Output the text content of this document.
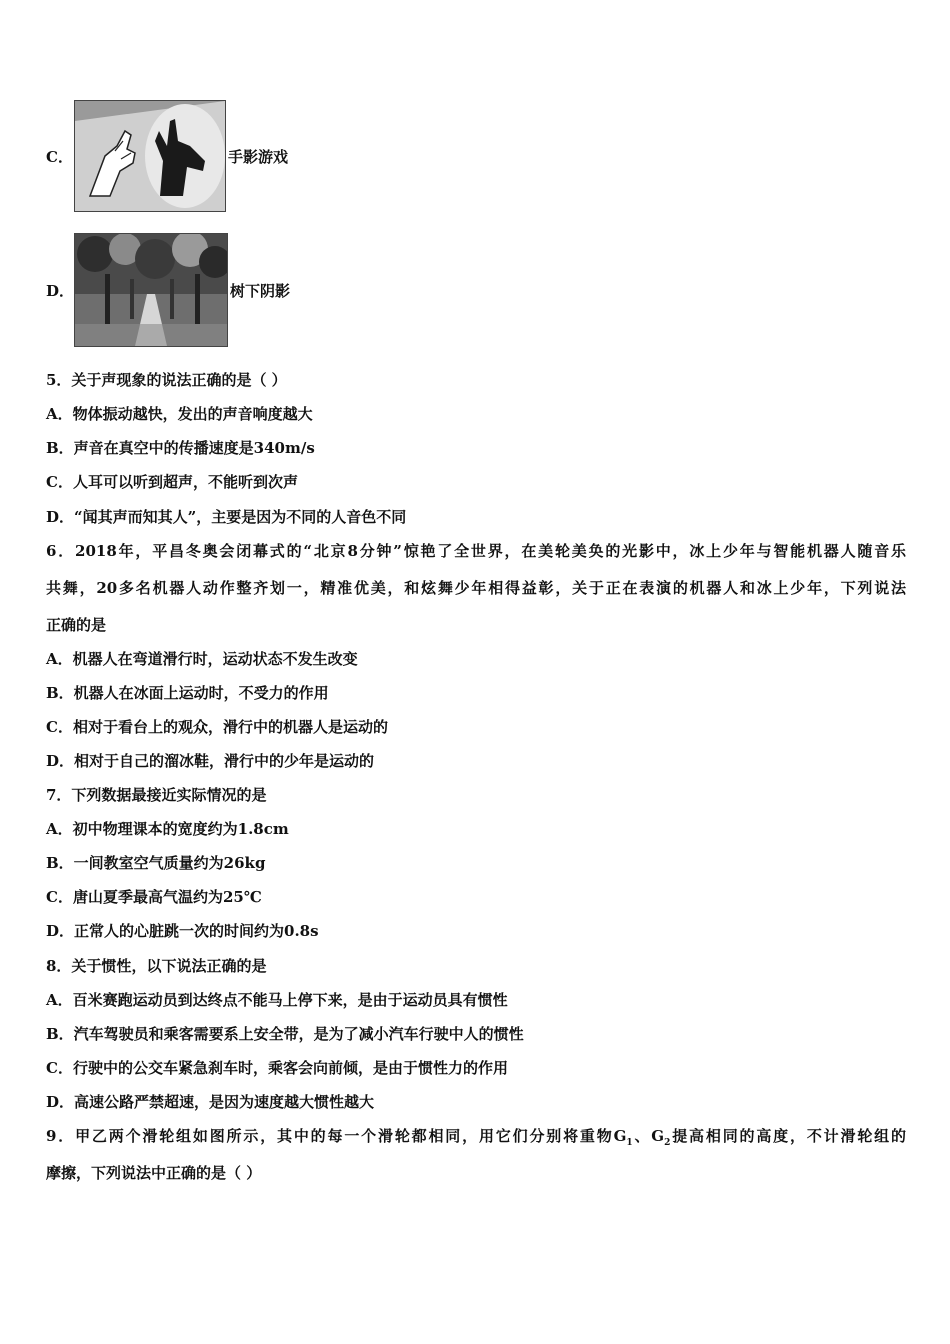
C．	手影游戏
D．	树下阴影
5．关于声现象的说法正确的是（ ）
A．物体振动越快，发出的声音响度越大
B．声音在真空中的传播速度是340m/s
C．人耳可以听到超声，不能听到次声
D．“闻其声而知其人”，主要是因为不同的人音色不同
6．2018年，平昌冬奥会闭幕式的“北京8分钟”惊艳了全世界，在美轮美奂的光影中，冰上少年与智能机器人随音乐
共舞，20多名机器人动作整齐划一，精准优美，和炫舞少年相得益彰，关于正在表演的机器人和冰上少年，下列说法
正确的是
A．机器人在弯道滑行时，运动状态不发生改变
B．机器人在冰面上运动时，不受力的作用
C．相对于看台上的观众，滑行中的机器人是运动的
D．相对于自己的溜冰鞋，滑行中的少年是运动的
7．下列数据最接近实际情况的是
A．初中物理课本的宽度约为1.8cm
B．一间教室空气质量约为26kg
C．唐山夏季最高气温约为25℃
D．正常人的心脏跳一次的时间约为0.8s
8．关于惯性，以下说法正确的是
A．百米赛跑运动员到达终点不能马上停下来，是由于运动员具有惯性
B．汽车驾驶员和乘客需要系上安全带，是为了减小汽车行驶中人的惯性
C．行驶中的公交车紧急刹车时，乘客会向前倾，是由于惯性力的作用
D．高速公路严禁超速，是因为速度越大惯性越大
9．甲乙两个滑轮组如图所示，其中的每一个滑轮都相同，用它们分别将重物$G_1$、$G_2$提高相同的高度，不计滑轮组的
摩擦，下列说法中正确的是（ ）
